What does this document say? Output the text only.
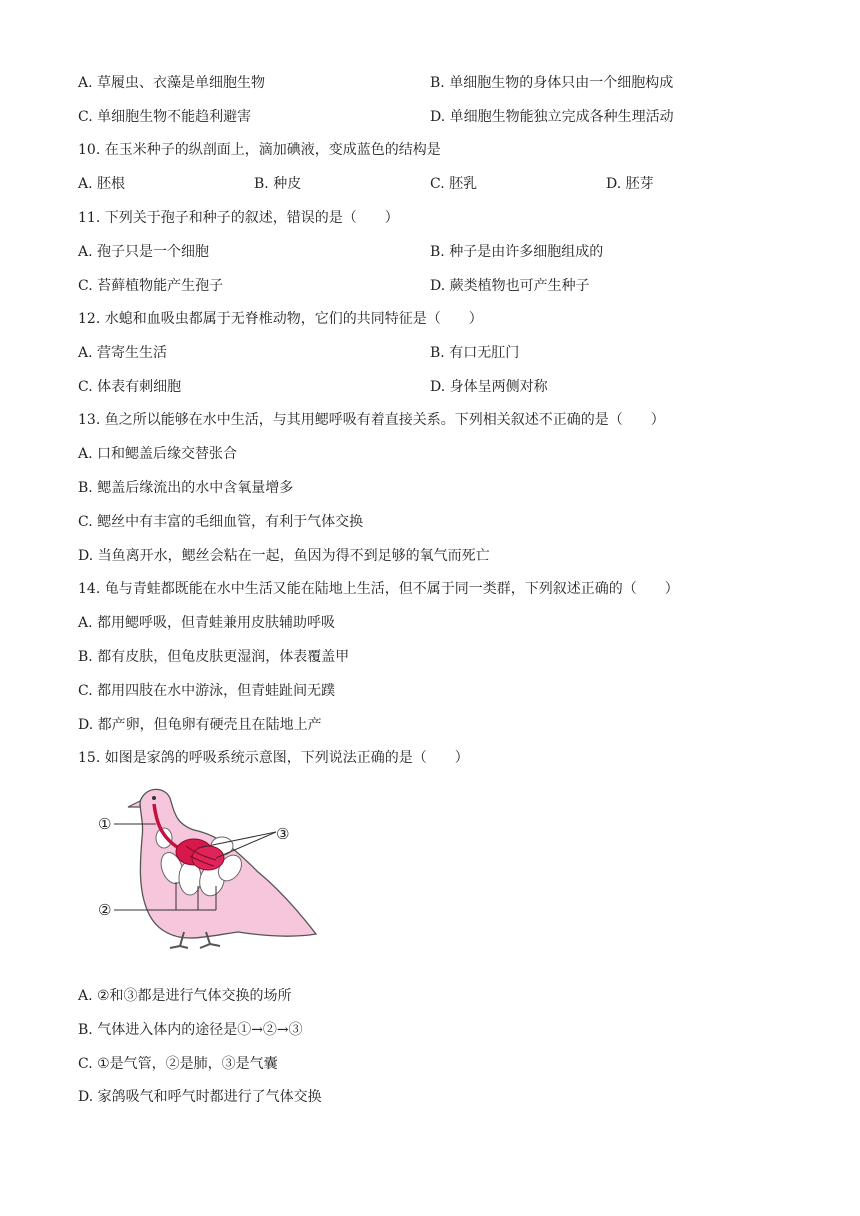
A. 草履虫、衣藻是单细胞生物	B. 单细胞生物的身体只由一个细胞构成
C. 单细胞生物不能趋利避害	D. 单细胞生物能独立完成各种生理活动
10. 在玉米种子的纵剖面上，滴加碘液，变成蓝色的结构是
A. 胚根	B. 种皮	C. 胚乳	D. 胚芽
11. 下列关于孢子和种子的叙述，错误的是（　　）
A. 孢子只是一个细胞	B. 种子是由许多细胞组成的
C. 苔藓植物能产生孢子	D. 蕨类植物也可产生种子
12. 水螅和血吸虫都属于无脊椎动物，它们的共同特征是（　　）
A. 营寄生生活	B. 有口无肛门
C. 体表有刺细胞	D. 身体呈两侧对称
13. 鱼之所以能够在水中生活，与其用鳃呼吸有着直接关系。下列相关叙述不正确的是（　　）
A. 口和鳃盖后缘交替张合
B. 鳃盖后缘流出的水中含氧量增多
C. 鳃丝中有丰富的毛细血管，有利于气体交换
D. 当鱼离开水，鳃丝会粘在一起，鱼因为得不到足够的氧气而死亡
14. 龟与青蛙都既能在水中生活又能在陆地上生活，但不属于同一类群，下列叙述正确的（　　）
A. 都用鳃呼吸，但青蛙兼用皮肤辅助呼吸
B. 都有皮肤，但龟皮肤更湿润，体表覆盖甲
C. 都用四肢在水中游泳，但青蛙趾间无蹼
D. 都产卵，但龟卵有硬壳且在陆地上产
15. 如图是家鸽的呼吸系统示意图，下列说法正确的是（　　）
①
②
③
A. ②和③都是进行气体交换的场所
B. 气体进入体内的途径是①→②→③
C. ①是气管，②是肺，③是气囊
D. 家鸽吸气和呼气时都进行了气体交换
